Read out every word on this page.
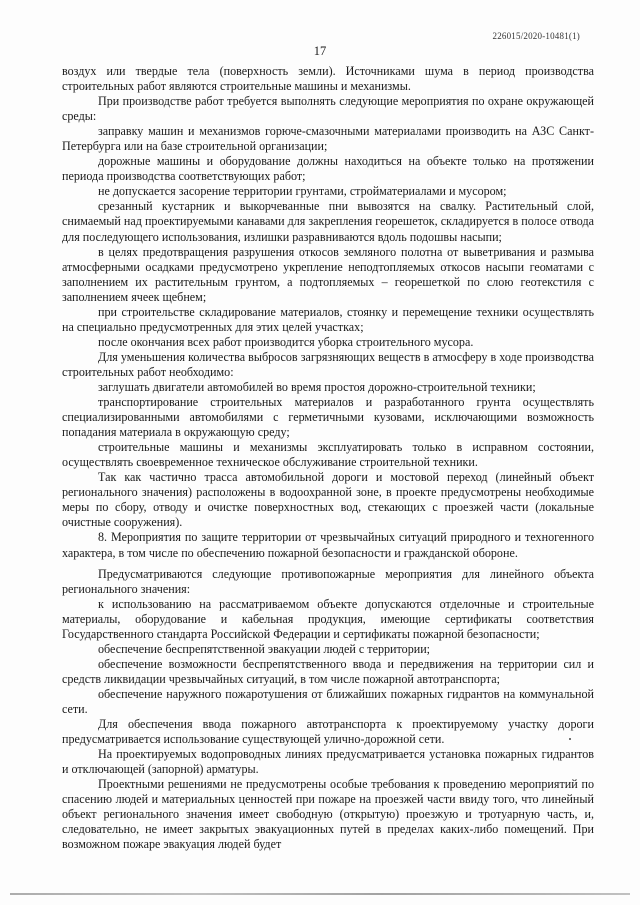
226015/2020-10481(1)
17

воздух или твердые тела (поверхность земли). Источниками шума в период производства строительных работ являются строительные машины и механизмы.

При производстве работ требуется выполнять следующие мероприятия по охране окружающей среды:

заправку машин и механизмов горюче-смазочными материалами производить на АЗС Санкт-Петербурга или на базе строительной организации;

дорожные машины и оборудование должны находиться на объекте только на протяжении периода производства соответствующих работ;

не допускается засорение территории грунтами, стройматериалами и мусором;

срезанный кустарник и выкорчеванные пни вывозятся на свалку. Растительный слой, снимаемый над проектируемыми канавами для закрепления георешеток, складируется в полосе отвода для последующего использования, излишки разравниваются вдоль подошвы насыпи;

в целях предотвращения разрушения откосов земляного полотна от выветривания и размыва атмосферными осадками предусмотрено укрепление неподтопляемых откосов насыпи геоматами с заполнением их растительным грунтом, а подтопляемых – георешеткой по слою геотекстиля с заполнением ячеек щебнем;

при строительстве складирование материалов, стоянку и перемещение техники осуществлять на специально предусмотренных для этих целей участках;

после окончания всех работ производится уборка строительного мусора.

Для уменьшения количества выбросов загрязняющих веществ в атмосферу в ходе производства строительных работ необходимо:

заглушать двигатели автомобилей во время простоя дорожно-строительной техники;

транспортирование строительных материалов и разработанного грунта осуществлять специализированными автомобилями с герметичными кузовами, исключающими возможность попадания материала в окружающую среду;

строительные машины и механизмы эксплуатировать только в исправном состоянии, осуществлять своевременное техническое обслуживание строительной техники.

Так как частично трасса автомобильной дороги и мостовой переход (линейный объект регионального значения) расположены в водоохранной зоне, в проекте предусмотрены необходимые меры по сбору, отводу и очистке поверхностных вод, стекающих с проезжей части (локальные очистные сооружения).

8. Мероприятия по защите территории от чрезвычайных ситуаций природного и техногенного характера, в том числе по обеспечению пожарной безопасности и гражданской обороне.

Предусматриваются следующие противопожарные мероприятия для линейного объекта регионального значения:

к использованию на рассматриваемом объекте допускаются отделочные и строительные материалы, оборудование и кабельная продукция, имеющие сертификаты соответствия Государственного стандарта Российской Федерации и сертификаты пожарной безопасности;

обеспечение беспрепятственной эвакуации людей с территории;

обеспечение возможности беспрепятственного ввода и передвижения на территории сил и средств ликвидации чрезвычайных ситуаций, в том числе пожарной автотранспорта;

обеспечение наружного пожаротушения от ближайших пожарных гидрантов на коммунальной сети.

Для обеспечения ввода пожарного автотранспорта к проектируемому участку дороги предусматривается использование существующей улично-дорожной сети.

На проектируемых водопроводных линиях предусматривается установка пожарных гидрантов и отключающей (запорной) арматуры.

Проектными решениями не предусмотрены особые требования к проведению мероприятий по спасению людей и материальных ценностей при пожаре на проезжей части ввиду того, что линейный объект регионального значения имеет свободную (открытую) проезжую и тротуарную часть, и, следовательно, не имеет закрытых эвакуационных путей в пределах каких-либо помещений. При возможном пожаре эвакуация людей будет
